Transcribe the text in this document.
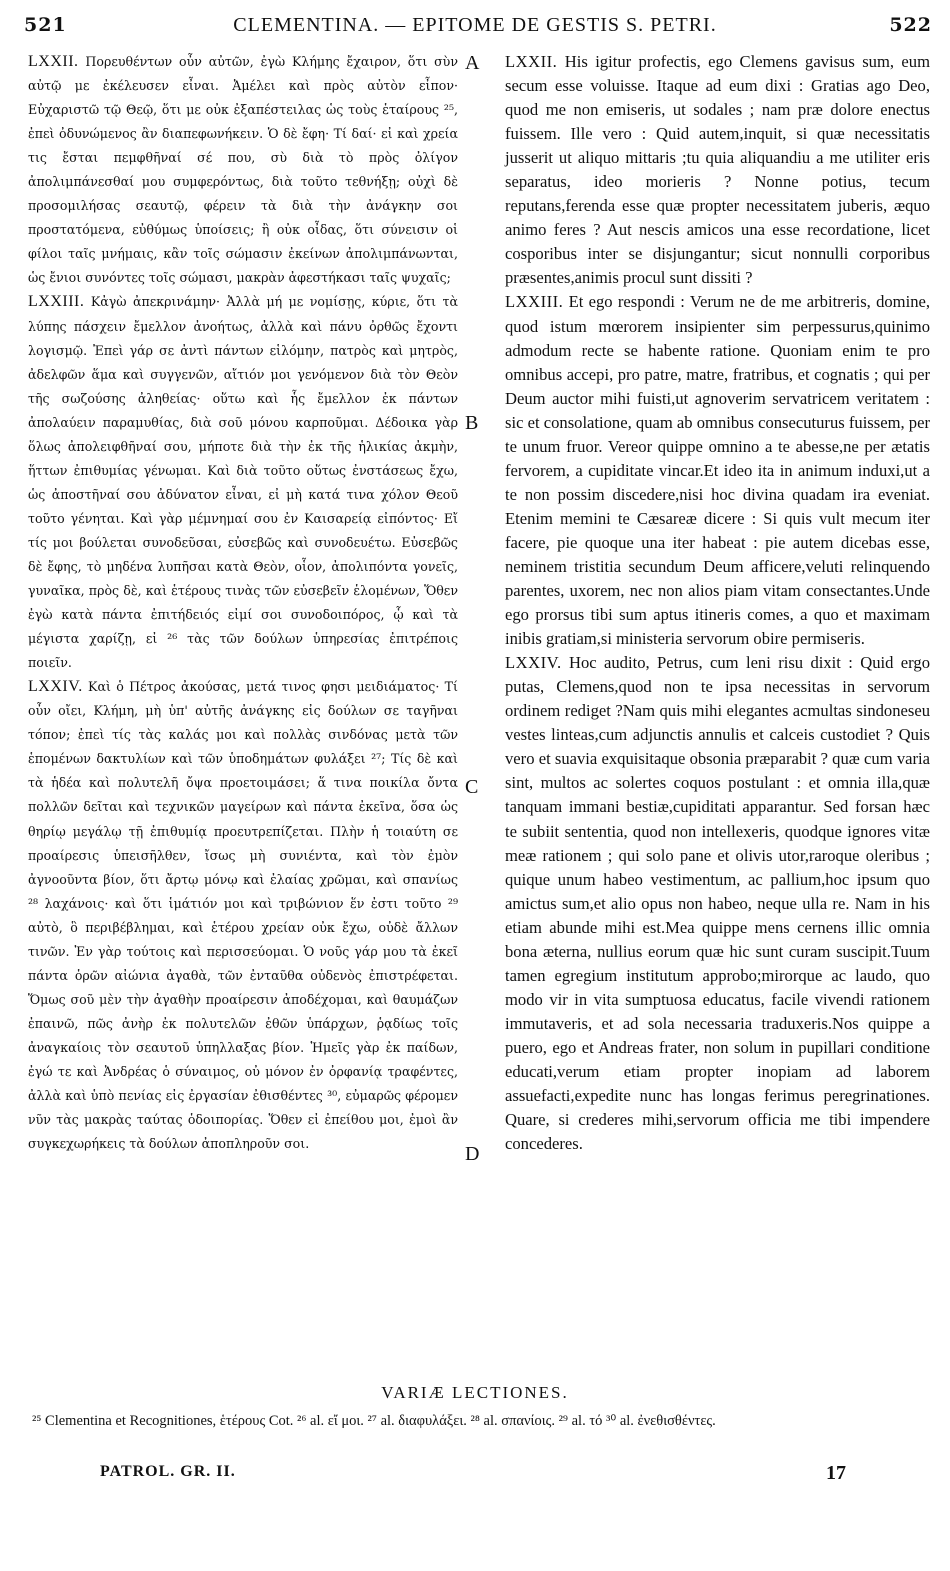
521	CLEMENTINA. — EPITOME DE GESTIS S. PETRI.	522

LXXII. Πορευθέντων οὖν αὐτῶν, ἐγὼ Κλήμης ἔχαιρον, ὅτι σὺν αὐτῷ με ἐκέλευσεν εἶναι. Ἀμέλει καὶ πρὸς αὐτὸν εἶπον· Εὐχαριστῶ τῷ Θεῷ, ὅτι με οὐκ ἐξαπέστειλας ὡς τοὺς ἑταίρους ²⁵, ἐπεὶ ὀδυνώμενος ἂν διαπεφωνήκειν. Ὁ δὲ ἔφη· Τί δαί· εἰ καὶ χρεία τις ἔσται πεμφθῆναί σέ που, σὺ διὰ τὸ πρὸς ὀλίγον ἀπολιμπάνεσθαί μου συμφερόντως, διὰ τοῦτο τεθνήξῃ; οὐχὶ δὲ προσομιλήσας σεαυτῷ, φέρειν τὰ διὰ τὴν ἀνάγκην σοι προστατόμενα, εὐθύμως ὑποίσεις; ἢ οὐκ οἶδας, ὅτι σύνεισιν οἱ φίλοι ταῖς μνήμαις, κἂν τοῖς σώμασιν ἐκείνων ἀπολιμπάνωνται, ὡς ἔνιοι συνόντες τοῖς σώμασι, μακρὰν ἀφεστήκασι ταῖς ψυχαῖς;

LXXIII. Κἀγὼ ἀπεκρινάμην· Ἀλλὰ μή με νομίσῃς, κύριε, ὅτι τὰ λύπης πάσχειν ἔμελλον ἀνοήτως, ἀλλὰ καὶ πάνυ ὀρθῶς ἔχοντι λογισμῷ. Ἐπεὶ γάρ σε ἀντὶ πάντων εἱλόμην, πατρὸς καὶ μητρὸς, ἀδελφῶν ἅμα καὶ συγγενῶν, αἴτιόν μοι γενόμενον διὰ τὸν Θεὸν τῆς σωζούσης ἀληθείας· οὕτω καὶ ἧς ἔμελλον ἐκ πάντων ἀπολαύειν παραμυθίας, διὰ σοῦ μόνου καρποῦμαι. Δέδοικα γὰρ ὅλως ἀπολειφθῆναί σου, μήποτε διὰ τὴν ἐκ τῆς ἡλικίας ἀκμὴν, ἥττων ἐπιθυμίας γένωμαι. Καὶ διὰ τοῦτο οὕτως ἐνστάσεως ἔχω, ὡς ἀποστῆναί σου ἀδύνατον εἶναι, εἰ μὴ κατά τινα χόλον Θεοῦ τοῦτο γένηται. Καὶ γὰρ μέμνημαί σου ἐν Καισαρείᾳ εἰπόντος· Εἴ τίς μοι βούλεται συνοδεῦσαι, εὐσεβῶς καὶ συνοδευέτω. Εὐσεβῶς δὲ ἔφης, τὸ μηδένα λυπῆσαι κατὰ Θεὸν, οἷον, ἀπολιπόντα γονεῖς, γυναῖκα, πρὸς δὲ, καὶ ἑτέρους τινὰς τῶν εὐσεβεῖν ἑλομένων, Ὅθεν ἐγὼ κατὰ πάντα ἐπιτήδειός εἰμί σοι συνοδοιπόρος, ᾧ καὶ τὰ μέγιστα χαρίζῃ, εἰ ²⁶ τὰς τῶν δούλων ὑπηρεσίας ἐπιτρέποις ποιεῖν.

LXXIV. Καὶ ὁ Πέτρος ἀκούσας, μετά τινος φησι μειδιάματος· Τί οὖν οἴει, Κλήμη, μὴ ὑπ' αὐτῆς ἀνάγκης εἰς δούλων σε ταγῆναι τόπον; ἐπεὶ τίς τὰς καλάς μοι καὶ πολλὰς σινδόνας μετὰ τῶν ἑπομένων δακτυλίων καὶ τῶν ὑποδημάτων φυλάξει ²⁷; Τίς δὲ καὶ τὰ ἡδέα καὶ πολυτελῆ ὄψα προετοιμάσει; ἅ τινα ποικίλα ὄντα πολλῶν δεῖται καὶ τεχνικῶν μαγείρων καὶ πάντα ἐκεῖνα, ὅσα ὡς θηρίῳ μεγάλῳ τῇ ἐπιθυμίᾳ προευτρεπίζεται. Πλὴν ἡ τοιαύτη σε προαίρεσις ὑπεισῆλθεν, ἴσως μὴ συνιέντα, καὶ τὸν ἐμὸν ἀγνοοῦντα βίον, ὅτι ἄρτῳ μόνῳ καὶ ἐλαίας χρῶμαι, καὶ σπανίως ²⁸ λαχάνοις· καὶ ὅτι ἱμάτιόν μοι καὶ τριβώνιον ἕν ἐστι τοῦτο ²⁹ αὐτὸ, ὃ περιβέβλημαι, καὶ ἑτέρου χρείαν οὐκ ἔχω, οὐδὲ ἄλλων τινῶν. Ἐν γὰρ τούτοις καὶ περισσεύομαι. Ὁ νοῦς γάρ μου τὰ ἐκεῖ πάντα ὁρῶν αἰώνια ἀγαθὰ, τῶν ἐνταῦθα οὐδενὸς ἐπιστρέφεται. Ὅμως σοῦ μὲν τὴν ἀγαθὴν προαίρεσιν ἀποδέχομαι, καὶ θαυμάζων ἐπαινῶ, πῶς ἀνὴρ ἐκ πολυτελῶν ἐθῶν ὑπάρχων, ῥᾳδίως τοῖς ἀναγκαίοις τὸν σεαυτοῦ ὑπηλλαξας βίον. Ἡμεῖς γὰρ ἐκ παίδων, ἐγώ τε καὶ Ἀνδρέας ὁ σύναιμος, οὐ μόνον ἐν ὀρφανίᾳ τραφέντες, ἀλλὰ καὶ ὑπὸ πενίας εἰς ἐργασίαν ἐθισθέντες ³⁰, εὐμαρῶς φέρομεν νῦν τὰς μακρὰς ταύτας ὁδοιπορίας. Ὅθεν εἰ ἐπείθου μοι, ἐμοὶ ἂν συγκεχωρήκεις τὰ δούλων ἀποπληροῦν σοι.

A
B
C
D

LXXII. His igitur profectis, ego Clemens gavisus sum, eum secum esse voluisse. Itaque ad eum dixi : Gratias ago Deo, quod me non emiseris, ut sodales ; nam præ dolore enectus fuissem. Ille vero : Quid autem,inquit, si quæ necessitatis jusserit ut aliquo mittaris ;tu quia aliquandiu a me utiliter eris separatus, ideo morieris ? Nonne potius, tecum reputans,ferenda esse quæ propter necessitatem juberis, æquo animo feres ? Aut nescis amicos una esse recordatione, licet cosporibus inter se disjungantur; sicut nonnulli corporibus præsentes,animis procul sunt dissiti ?

LXXIII. Et ego respondi : Verum ne de me arbitreris, domine, quod istum mœrorem insipienter sim perpessurus,quinimo admodum recte se habente ratione. Quoniam enim te pro omnibus accepi, pro patre, matre, fratribus, et cognatis ; qui per Deum auctor mihi fuisti,ut agnoverim servatricem veritatem : sic et consolatione, quam ab omnibus consecuturus fuissem, per te unum fruor. Vereor quippe omnino a te abesse,ne per ætatis fervorem, a cupiditate vincar.Et ideo ita in animum induxi,ut a te non possim discedere,nisi hoc divina quadam ira eveniat. Etenim memini te Cæsareæ dicere : Si quis vult mecum iter facere, pie quoque una iter habeat : pie autem dicebas esse, neminem tristitia secundum Deum afficere,veluti relinquendo parentes, uxorem, nec non alios piam vitam consectantes.Unde ego prorsus tibi sum aptus itineris comes, a quo et maximam inibis gratiam,si ministeria servorum obire permiseris.

LXXIV. Hoc audito, Petrus, cum leni risu dixit : Quid ergo putas, Clemens,quod non te ipsa necessitas in servorum ordinem rediget ?Nam quis mihi elegantes acmultas sindoneseu vestes linteas,cum adjunctis annulis et calceis custodiet ? Quis vero et suavia exquisitaque obsonia præparabit ? quæ cum varia sint, multos ac solertes coquos postulant : et omnia illa,quæ tanquam immani bestiæ,cupiditati apparantur. Sed forsan hæc te subiit sententia, quod non intellexeris, quodque ignores vitæ meæ rationem ; qui solo pane et olivis utor,raroque oleribus ; quique unum habeo vestimentum, ac pallium,hoc ipsum quo amictus sum,et alio opus non habeo, neque ulla re. Nam in his etiam abunde mihi est.Mea quippe mens cernens illic omnia bona æterna, nullius eorum quæ hic sunt curam suscipit.Tuum tamen egregium institutum approbo;mirorque ac laudo, quo modo vir in vita sumptuosa educatus, facile vivendi rationem immutaveris, et ad sola necessaria traduxeris.Nos quippe a puero, ego et Andreas frater, non solum in pupillari conditione educati,verum etiam propter inopiam ad laborem assuefacti,expedite nunc has longas ferimus peregrinationes. Quare, si crederes mihi,servorum officia me tibi impendere concederes.

VARIÆ LECTIONES.
²⁵ Clementina et Recognitiones, ἑτέρους Cot. ²⁶ al. εἴ μοι. ²⁷ al. διαφυλάξει. ²⁸ al. σπανίοις. ²⁹ al. τό ³⁰ al. ἐνεθισθέντες.
PATROL. GR. II.	17
